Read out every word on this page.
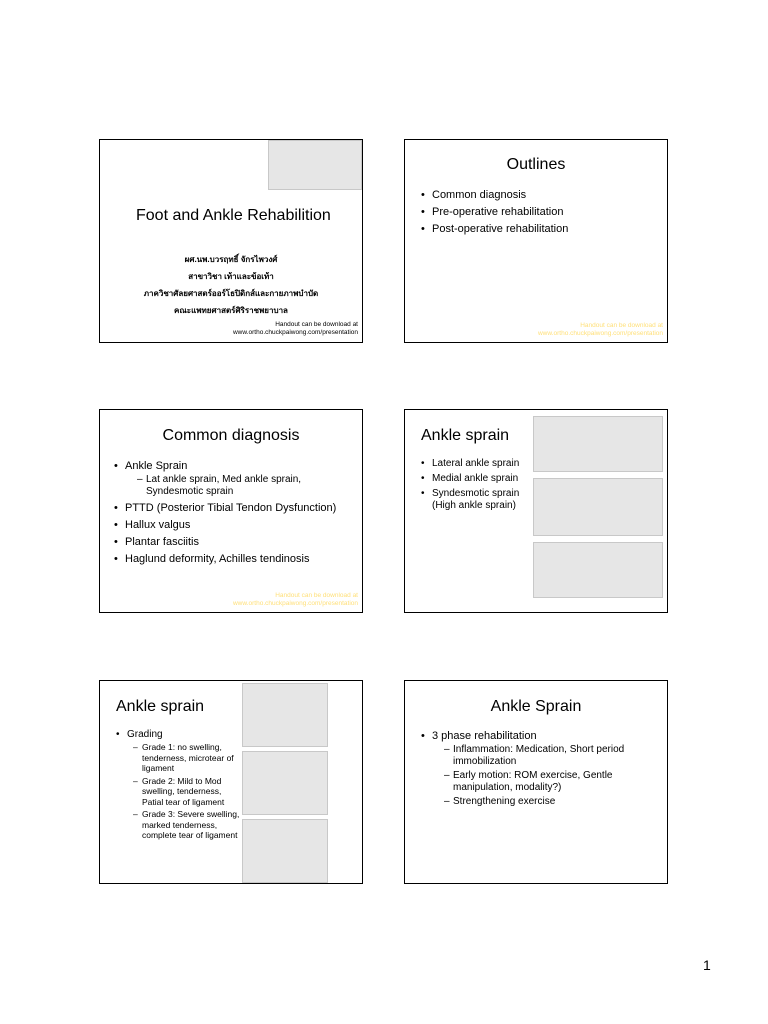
Foot and Ankle Rehabilition
ผศ.นพ.บวรฤทธิ์ จักรไพวงศ์
สาขาวิชา เท้าและข้อเท้า
ภาควิชาศัลยศาสตร์ออร์โธปิดิกส์และกายภาพบำบัด
คณะแพทยศาสตร์ศิริราชพยาบาล
Handout can be download at
www.ortho.chuckpaiwong.com/presentation
Outlines
• Common diagnosis
• Pre-operative rehabilitation
• Post-operative rehabilitation
Handout can be download at
www.ortho.chuckpaiwong.com/presentation
Common diagnosis
• Ankle Sprain
– Lat ankle sprain, Med ankle sprain, Syndesmotic sprain
• PTTD (Posterior Tibial Tendon Dysfunction)
• Hallux valgus
• Plantar fasciitis
• Haglund deformity, Achilles tendinosis
Handout can be download at
www.ortho.chuckpaiwong.com/presentation
Ankle sprain
• Lateral ankle sprain
• Medial ankle sprain
• Syndesmotic sprain (High ankle sprain)
Ankle sprain
• Grading
– Grade 1: no swelling, tenderness, microtear of ligament
– Grade 2: Mild to Mod swelling, tenderness, Patial tear of ligament
– Grade 3: Severe swelling, marked tenderness, complete tear of ligament
Ankle Sprain
• 3 phase rehabilitation
– Inflammation: Medication, Short period immobilization
– Early motion: ROM exercise, Gentle manipulation, modality?)
– Strengthening exercise
1
